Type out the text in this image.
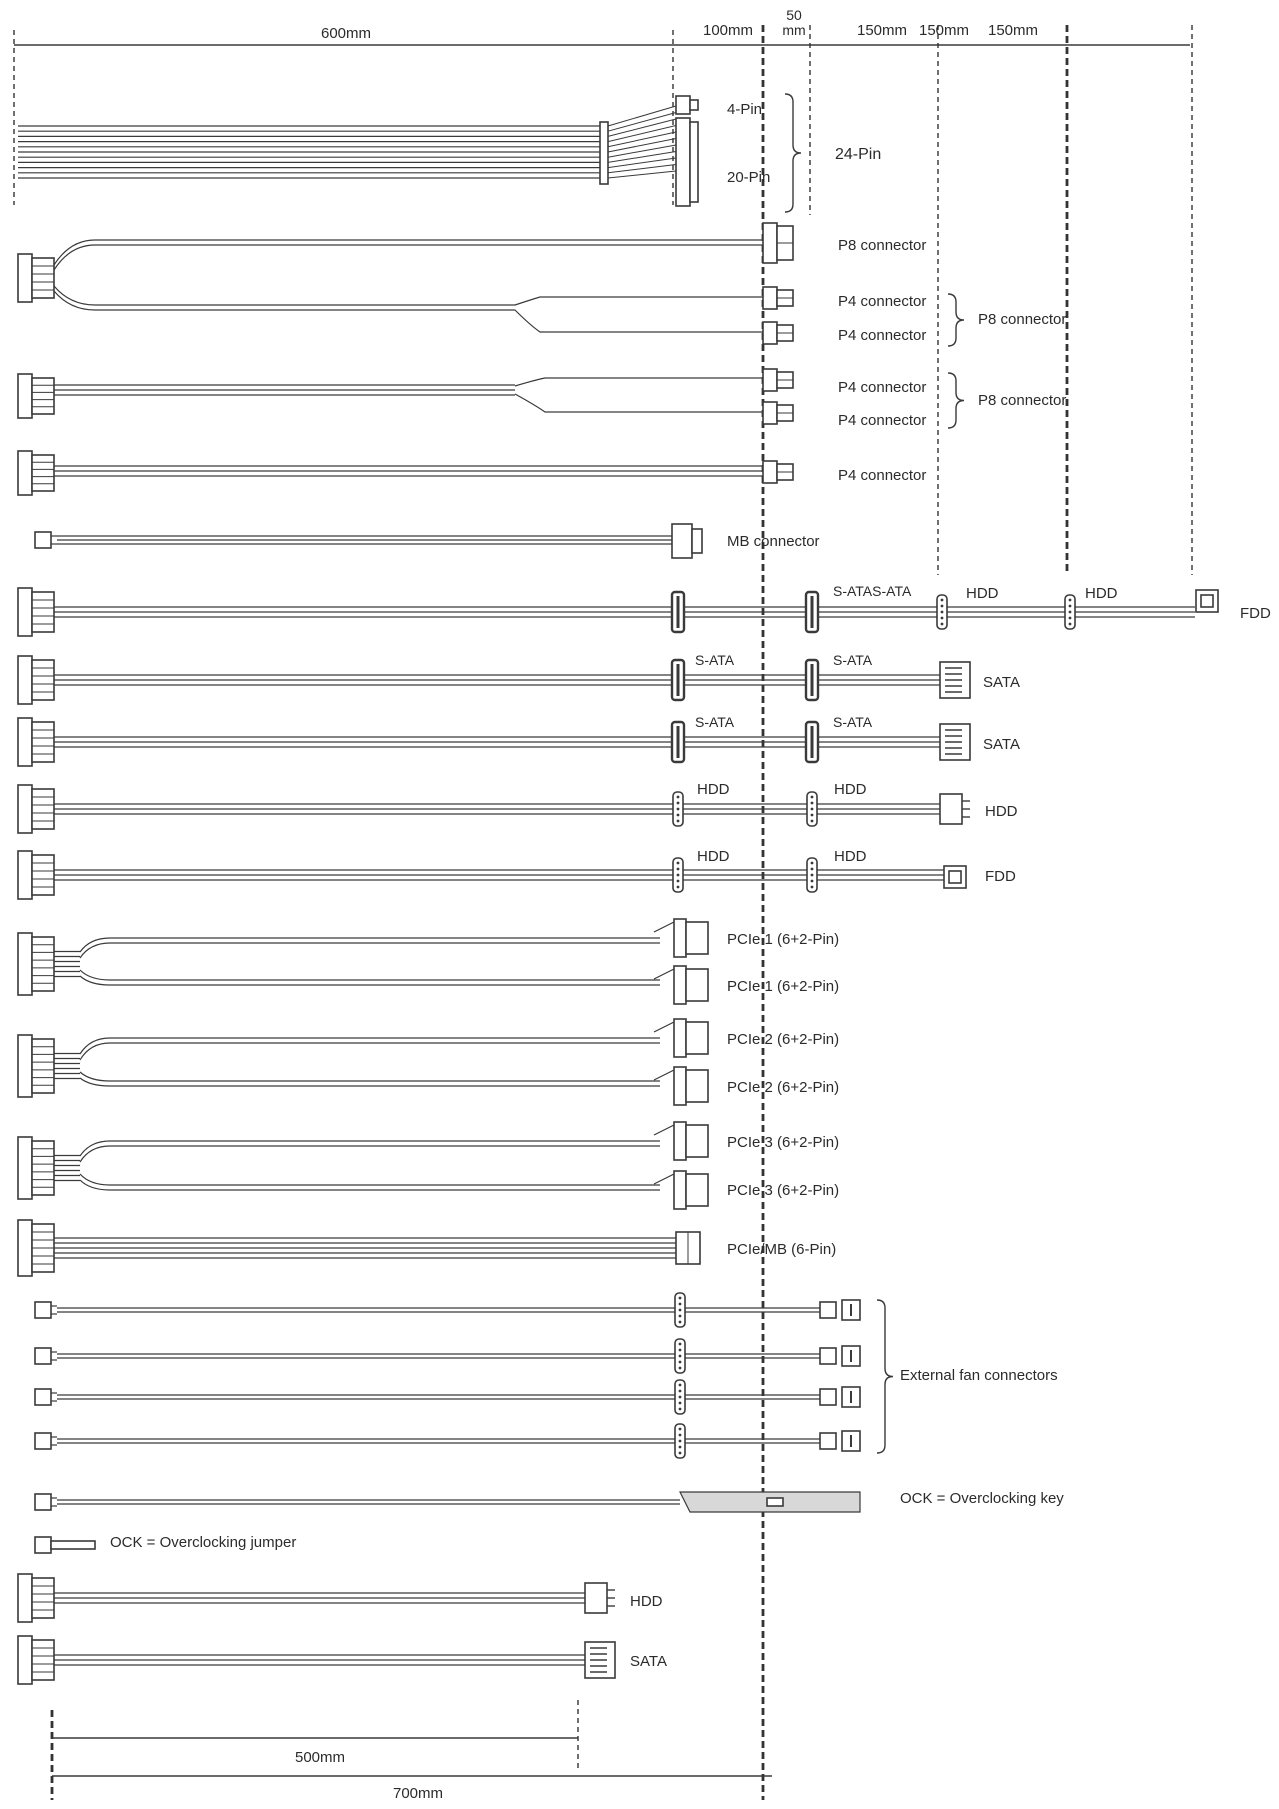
600mm	100mm
50
mm	150mm 150mm 150mm
4-Pin
20-Pin
24-Pin
P8 connector
P4 connector
P4 connector
P8 connector
P4 connector
P4 connector
P8 connector
P4 connector
MB connector
S-ATAS-ATA	HDD	HDD
FDD
S-ATA	S-ATA
SATA
S-ATA	S-ATA
SATA
HDD	HDD
HDD
HDD	HDD
FDD
PCIe 1 (6+2-Pin)
PCIe 1 (6+2-Pin)
PCIe 2 (6+2-Pin)
PCIe 2 (6+2-Pin)
PCIe 3 (6+2-Pin)
PCIe 3 (6+2-Pin)
PCIe/MB (6-Pin)
External fan connectors
OCK = Overclocking key
OCK = Overclocking jumper
HDD
SATA
500mm
700mm
